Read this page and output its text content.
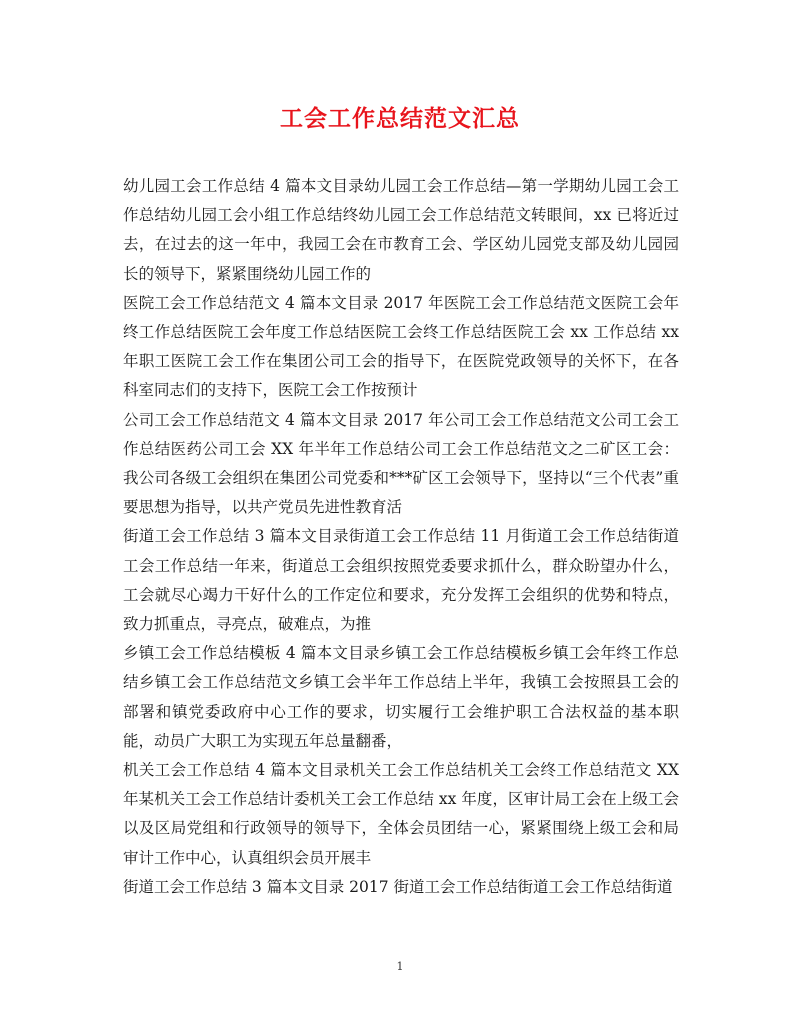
工会工作总结范文汇总

幼儿园工会工作总结 4 篇本文目录幼儿园工会工作总结—第一学期幼儿园工会工作总结幼儿园工会小组工作总结终幼儿园工会工作总结范文转眼间，xx 已将近过去，在过去的这一年中，我园工会在市教育工会、学区幼儿园党支部及幼儿园园长的领导下，紧紧围绕幼儿园工作的

医院工会工作总结范文 4 篇本文目录 2017 年医院工会工作总结范文医院工会年终工作总结医院工会年度工作总结医院工会终工作总结医院工会 xx 工作总结 xx年职工医院工会工作在集团公司工会的指导下，在医院党政领导的关怀下，在各科室同志们的支持下，医院工会工作按预计

公司工会工作总结范文 4 篇本文目录 2017 年公司工会工作总结范文公司工会工作总结医药公司工会 XX 年半年工作总结公司工会工作总结范文之二矿区工会：我公司各级工会组织在集团公司党委和***矿区工会领导下，坚持以“三个代表”重要思想为指导，以共产党员先进性教育活

街道工会工作总结 3 篇本文目录街道工会工作总结 11 月街道工会工作总结街道工会工作总结一年来，街道总工会组织按照党委要求抓什么，群众盼望办什么，工会就尽心竭力干好什么的工作定位和要求，充分发挥工会组织的优势和特点，致力抓重点，寻亮点，破难点，为推

乡镇工会工作总结模板 4 篇本文目录乡镇工会工作总结模板乡镇工会年终工作总结乡镇工会工作总结范文乡镇工会半年工作总结上半年，我镇工会按照县工会的部署和镇党委政府中心工作的要求，切实履行工会维护职工合法权益的基本职能，动员广大职工为实现五年总量翻番，

机关工会工作总结 4 篇本文目录机关工会工作总结机关工会终工作总结范文 XX年某机关工会工作总结计委机关工会工作总结 xx 年度，区审计局工会在上级工会以及区局党组和行政领导的领导下，全体会员团结一心，紧紧围绕上级工会和局审计工作中心，认真组织会员开展丰

街道工会工作总结 3 篇本文目录 2017 街道工会工作总结街道工会工作总结街道

1
